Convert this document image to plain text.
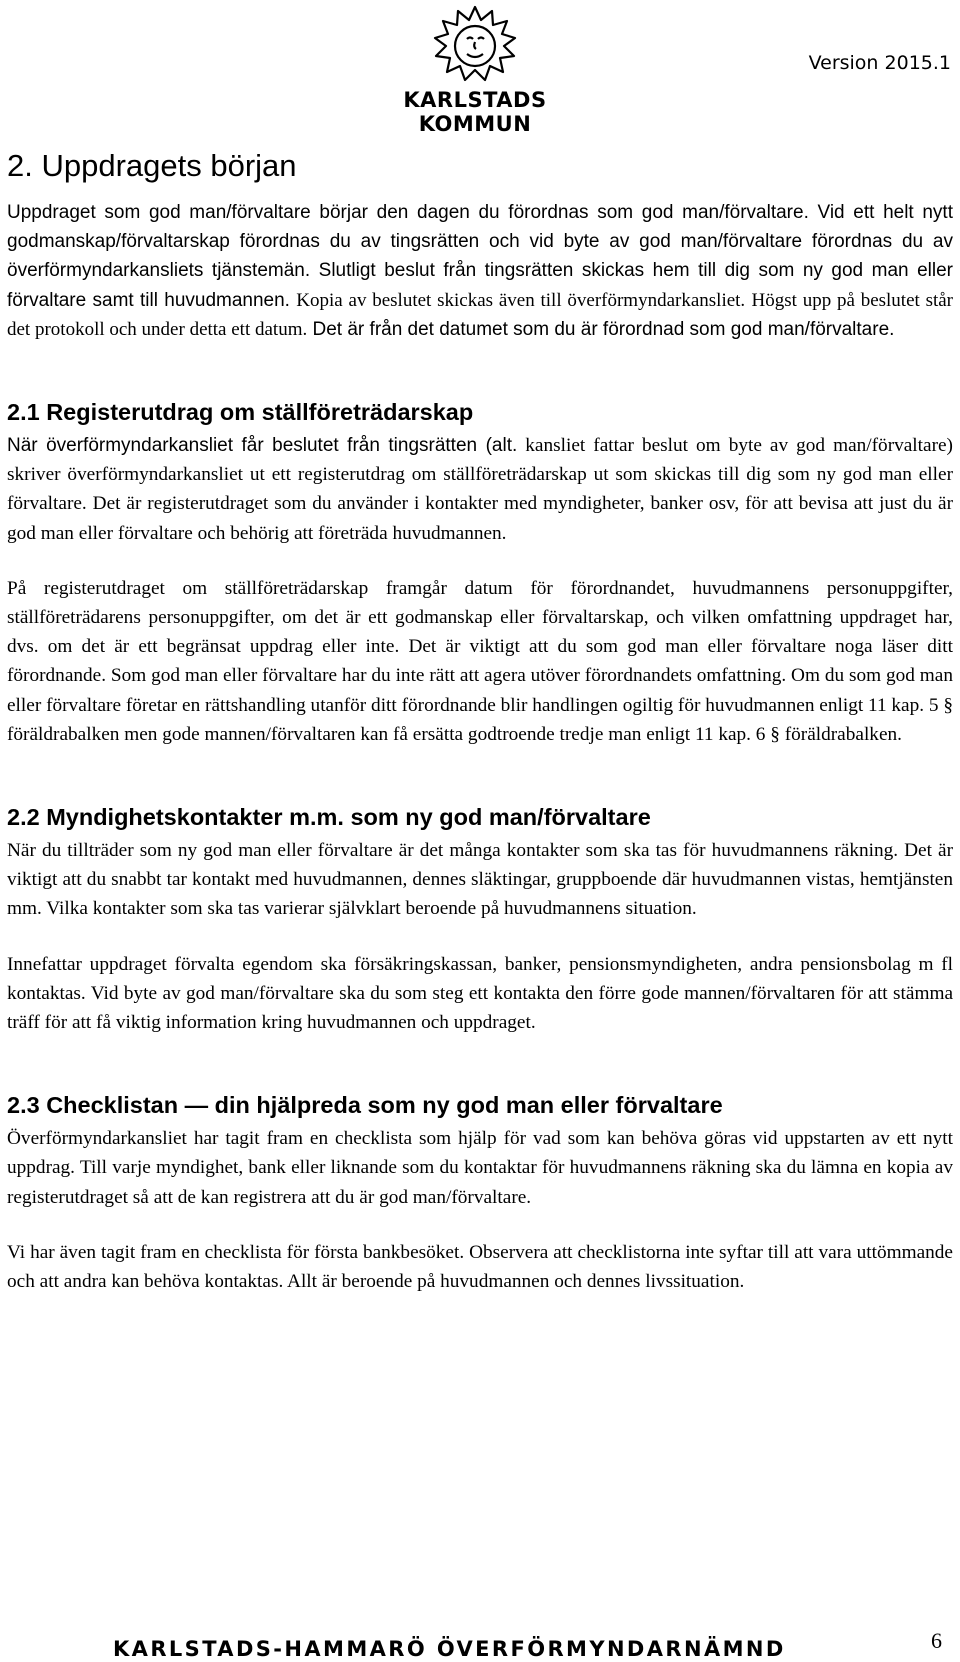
KARLSTADS KOMMUN
Version 2015.1
2. Uppdragets början

Uppdraget som god man/förvaltare börjar den dagen du förordnas som god man/förvaltare. Vid ett helt nytt godmanskap/förvaltarskap förordnas du av tingsrätten och vid byte av god man/förvaltare förordnas du av överförmyndarkansliets tjänstemän. Slutligt beslut från tingsrätten skickas hem till dig som ny god man eller förvaltare samt till huvudmannen. Kopia av beslutet skickas även till överförmyndarkansliet. Högst upp på beslutet står det protokoll och under detta ett datum. Det är från det datumet som du är förordnad som god man/förvaltare.

2.1 Registerutdrag om ställföreträdarskap

När överförmyndarkansliet får beslutet från tingsrätten (alt. kansliet fattar beslut om byte av god man/förvaltare) skriver överförmyndarkansliet ut ett registerutdrag om ställföreträdarskap ut som skickas till dig som ny god man eller förvaltare. Det är registerutdraget som du använder i kontakter med myndigheter, banker osv, för att bevisa att just du är god man eller förvaltare och behörig att företräda huvudmannen.

På registerutdraget om ställföreträdarskap framgår datum för förordnandet, huvudmannens personuppgifter, ställföreträdarens personuppgifter, om det är ett godmanskap eller förvaltarskap, och vilken omfattning uppdraget har, dvs. om det är ett begränsat uppdrag eller inte. Det är viktigt att du som god man eller förvaltare noga läser ditt förordnande. Som god man eller förvaltare har du inte rätt att agera utöver förordnandets omfattning. Om du som god man eller förvaltare företar en rättshandling utanför ditt förordnande blir handlingen ogiltig för huvudmannen enligt 11 kap. 5 § föräldrabalken men gode mannen/förvaltaren kan få ersätta godtroende tredje man enligt 11 kap. 6 § föräldrabalken.

2.2 Myndighetskontakter m.m. som ny god man/förvaltare

När du tillträder som ny god man eller förvaltare är det många kontakter som ska tas för huvudmannens räkning. Det är viktigt att du snabbt tar kontakt med huvudmannen, dennes släktingar, gruppboende där huvudmannen vistas, hemtjänsten mm. Vilka kontakter som ska tas varierar självklart beroende på huvudmannens situation.

Innefattar uppdraget förvalta egendom ska försäkringskassan, banker, pensionsmyndigheten, andra pensionsbolag m fl kontaktas. Vid byte av god man/förvaltare ska du som steg ett kontakta den förre gode mannen/förvaltaren för att stämma träff för att få viktig information kring huvudmannen och uppdraget.

2.3 Checklistan — din hjälpreda som ny god man eller förvaltare

Överförmyndarkansliet har tagit fram en checklista som hjälp för vad som kan behöva göras vid uppstarten av ett nytt uppdrag. Till varje myndighet, bank eller liknande som du kontaktar för huvudmannens räkning ska du lämna en kopia av registerutdraget så att de kan registrera att du är god man/förvaltare.

Vi har även tagit fram en checklista för första bankbesöket. Observera att checklistorna inte syftar till att vara uttömmande och att andra kan behöva kontaktas. Allt är beroende på huvudmannen och dennes livssituation.

KARLSTADS-HAMMARÖ ÖVERFÖRMYNDARNÄMND	6
